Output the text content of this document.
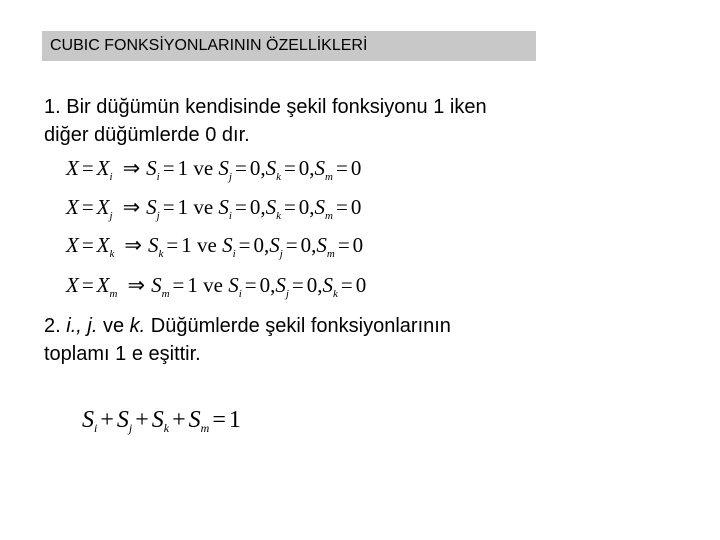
CUBIC FONKSİYONLARININ ÖZELLİKLERİ
1. Bir düğümün kendisinde şekil fonksiyonu 1 iken
diğer düğümlerde 0 dır.
$X = X_i$ ⇒ $S_i = 1$ ve $S_j = 0,S_k = 0,S_m = 0$
$X = X_j$ ⇒ $S_j = 1$ ve $S_i = 0,S_k = 0,S_m = 0$
$X = X_k$ ⇒ $S_k = 1$ ve $S_i = 0,S_j = 0,S_m = 0$
$X = X_m$ ⇒ $S_m = 1$ ve $S_i = 0,S_j = 0,S_k = 0$
2. i., j. ve k. Düğümlerde şekil fonksiyonlarının
toplamı 1 e eşittir.
$S_i + S_j + S_k + S_m = 1$
